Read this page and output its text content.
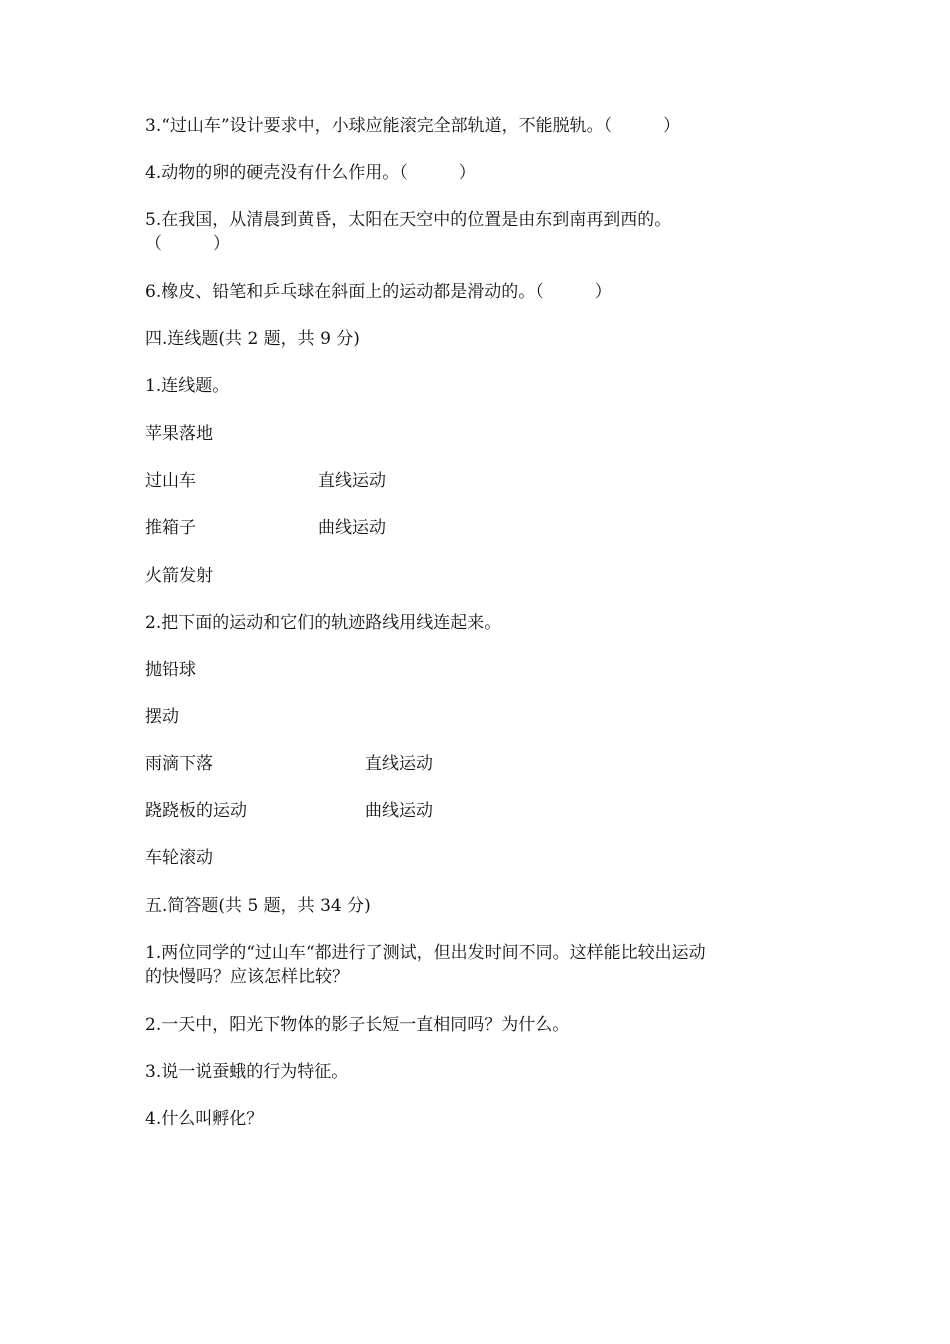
3.“过山车”设计要求中，小球应能滚完全部轨道，不能脱轨。（　　　）

4.动物的卵的硬壳没有什么作用。（　　　）

5.在我国，从清晨到黄昏，太阳在天空中的位置是由东到南再到西的。

（　　　）

6.橡皮、铅笔和乒乓球在斜面上的运动都是滑动的。（　　　）

四.连线题(共 2 题，共 9 分)

1.连线题。

苹果落地

过山车	直线运动

推箱子	曲线运动

火箭发射

2.把下面的运动和它们的轨迹路线用线连起来。

抛铅球

摆动

雨滴下落	直线运动

跷跷板的运动	曲线运动

车轮滚动

五.简答题(共 5 题，共 34 分)

1.两位同学的“过山车“都进行了测试，但出发时间不同。这样能比较出运动

的快慢吗？应该怎样比较？

2.一天中，阳光下物体的影子长短一直相同吗？为什么。

3.说一说蚕蛾的行为特征。

4.什么叫孵化？
